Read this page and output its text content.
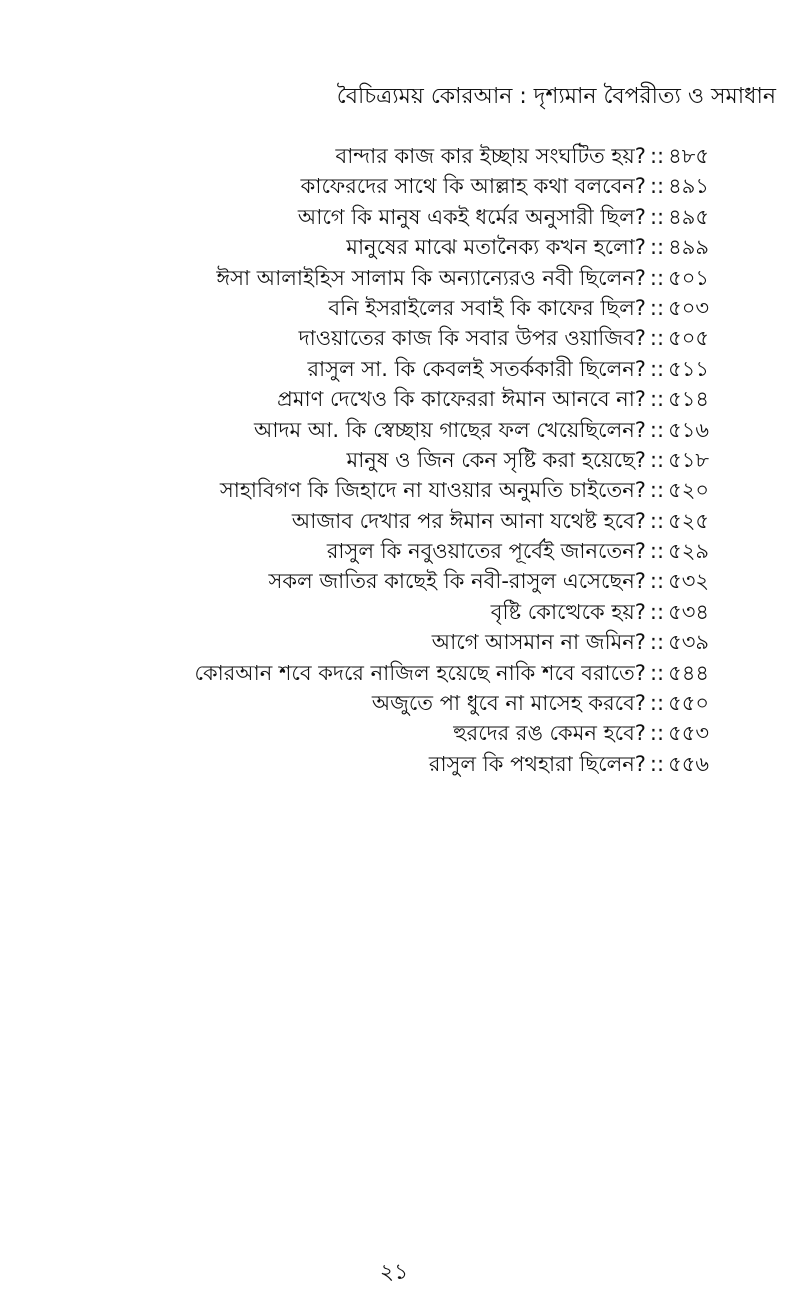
বৈচিত্র্যময় কোরআন : দৃশ্যমান বৈপরীত্য ও সমাধান
বান্দার কাজ কার ইচ্ছায় সংঘটিত হয়? :: ৪৮৫
কাফেরদের সাথে কি আল্লাহ কথা বলবেন? :: ৪৯১
আগে কি মানুষ একই ধর্মের অনুসারী ছিল? :: ৪৯৫
মানুষের মাঝে মতানৈক্য কখন হলো? :: ৪৯৯
ঈসা আলাইহিস সালাম কি অন্যান্যেরও নবী ছিলেন? :: ৫০১
বনি ইসরাইলের সবাই কি কাফের ছিল? :: ৫০৩
দাওয়াতের কাজ কি সবার উপর ওয়াজিব? :: ৫০৫
রাসুল সা. কি কেবলই সতর্ককারী ছিলেন? :: ৫১১
প্রমাণ দেখেও কি কাফেররা ঈমান আনবে না? :: ৫১৪
আদম আ. কি স্বেচ্ছায় গাছের ফল খেয়েছিলেন? :: ৫১৬
মানুষ ও জিন কেন সৃষ্টি করা হয়েছে? :: ৫১৮
সাহাবিগণ কি জিহাদে না যাওয়ার অনুমতি চাইতেন? :: ৫২০
আজাব দেখার পর ঈমান আনা যথেষ্ট হবে? :: ৫২৫
রাসুল কি নবুওয়াতের পূর্বেই জানতেন? :: ৫২৯
সকল জাতির কাছেই কি নবী-রাসুল এসেছেন? :: ৫৩২
বৃষ্টি কোত্থেকে হয়? :: ৫৩৪
আগে আসমান না জমিন? :: ৫৩৯
কোরআন শবে কদরে নাজিল হয়েছে নাকি শবে বরাতে? :: ৫৪৪
অজুতে পা ধুবে না মাসেহ করবে? :: ৫৫০
হুরদের রঙ কেমন হবে? :: ৫৫৩
রাসুল কি পথহারা ছিলেন? :: ৫৫৬
২১
